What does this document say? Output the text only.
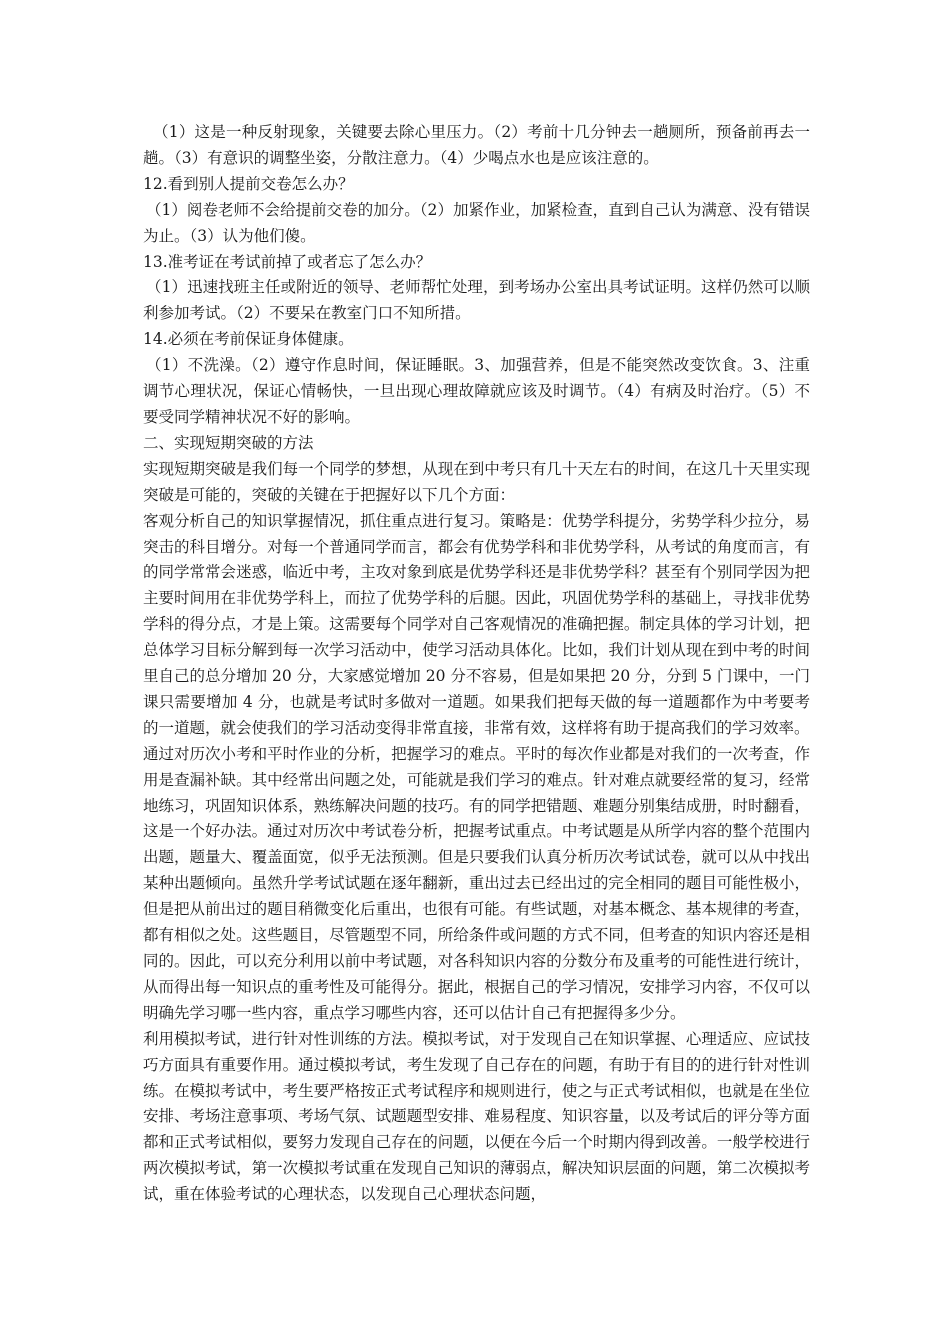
（1）这是一种反射现象，关键要去除心里压力。（2）考前十几分钟去一趟厕所，预备前再去一趟。（3）有意识的调整坐姿，分散注意力。（4）少喝点水也是应该注意的。

12.看到别人提前交卷怎么办？

（1）阅卷老师不会给提前交卷的加分。（2）加紧作业，加紧检查，直到自己认为满意、没有错误为止。（3）认为他们傻。

13.准考证在考试前掉了或者忘了怎么办？

（1）迅速找班主任或附近的领导、老师帮忙处理，到考场办公室出具考试证明。这样仍然可以顺利参加考试。（2）不要呆在教室门口不知所措。

14.必须在考前保证身体健康。

（1）不洗澡。（2）遵守作息时间，保证睡眠。3、加强营养，但是不能突然改变饮食。3、注重调节心理状况，保证心情畅快，一旦出现心理故障就应该及时调节。（4）有病及时治疗。（5）不要受同学精神状况不好的影响。

二、实现短期突破的方法

实现短期突破是我们每一个同学的梦想，从现在到中考只有几十天左右的时间，在这几十天里实现突破是可能的，突破的关键在于把握好以下几个方面：

客观分析自己的知识掌握情况，抓住重点进行复习。策略是：优势学科提分，劣势学科少拉分，易突击的科目增分。对每一个普通同学而言，都会有优势学科和非优势学科，从考试的角度而言，有的同学常常会迷惑，临近中考，主攻对象到底是优势学科还是非优势学科？甚至有个别同学因为把主要时间用在非优势学科上，而拉了优势学科的后腿。因此，巩固优势学科的基础上，寻找非优势学科的得分点，才是上策。这需要每个同学对自己客观情况的准确把握。制定具体的学习计划，把总体学习目标分解到每一次学习活动中，使学习活动具体化。比如，我们计划从现在到中考的时间里自己的总分增加 20 分，大家感觉增加 20 分不容易，但是如果把 20 分，分到 5 门课中，一门课只需要增加 4 分，也就是考试时多做对一道题。如果我们把每天做的每一道题都作为中考要考的一道题，就会使我们的学习活动变得非常直接，非常有效，这样将有助于提高我们的学习效率。

通过对历次小考和平时作业的分析，把握学习的难点。平时的每次作业都是对我们的一次考查，作用是查漏补缺。其中经常出问题之处，可能就是我们学习的难点。针对难点就要经常的复习，经常地练习，巩固知识体系，熟练解决问题的技巧。有的同学把错题、难题分别集结成册，时时翻看，这是一个好办法。通过对历次中考试卷分析，把握考试重点。中考试题是从所学内容的整个范围内出题，题量大、覆盖面宽，似乎无法预测。但是只要我们认真分析历次考试试卷，就可以从中找出某种出题倾向。虽然升学考试试题在逐年翻新，重出过去已经出过的完全相同的题目可能性极小，但是把从前出过的题目稍微变化后重出，也很有可能。有些试题，对基本概念、基本规律的考查，都有相似之处。这些题目，尽管题型不同，所给条件或问题的方式不同，但考查的知识内容还是相同的。因此，可以充分利用以前中考试题，对各科知识内容的分数分布及重考的可能性进行统计，从而得出每一知识点的重考性及可能得分。据此，根据自己的学习情况，安排学习内容，不仅可以明确先学习哪一些内容，重点学习哪些内容，还可以估计自己有把握得多少分。

利用模拟考试，进行针对性训练的方法。模拟考试，对于发现自己在知识掌握、心理适应、应试技巧方面具有重要作用。通过模拟考试，考生发现了自己存在的问题，有助于有目的的进行针对性训练。在模拟考试中，考生要严格按正式考试程序和规则进行，使之与正式考试相似，也就是在坐位安排、考场注意事项、考场气氛、试题题型安排、难易程度、知识容量，以及考试后的评分等方面都和正式考试相似，要努力发现自己存在的问题，以便在今后一个时期内得到改善。一般学校进行两次模拟考试，第一次模拟考试重在发现自己知识的薄弱点，解决知识层面的问题，第二次模拟考试，重在体验考试的心理状态，以发现自己心理状态问题，
